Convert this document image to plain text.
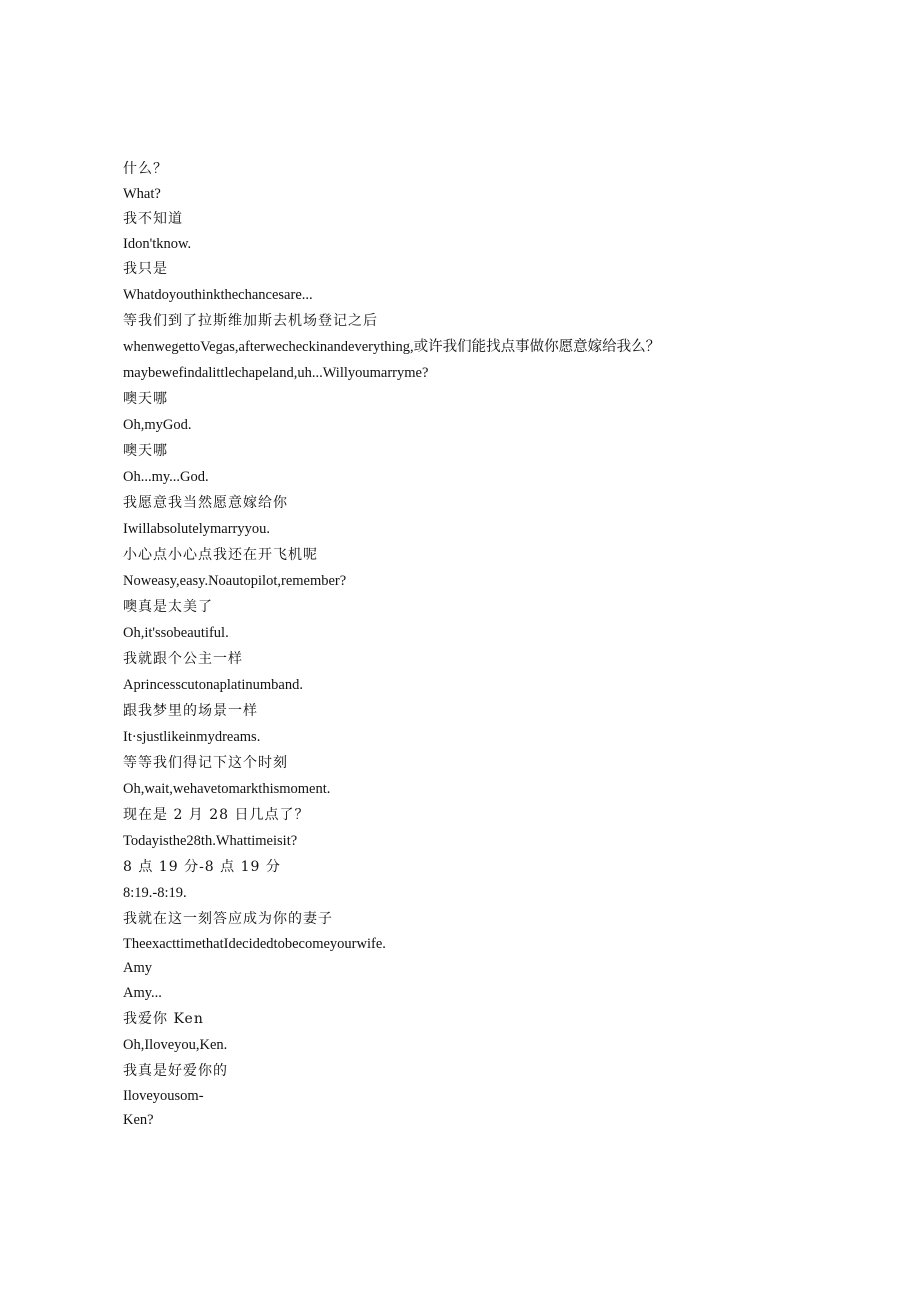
什么？
What?
我不知道
Idon'tknow.
我只是
Whatdoyouthinkthechancesare...
等我们到了拉斯维加斯去机场登记之后
whenwegettoVegas,afterwecheckinandeverything,或许我们能找点事做你愿意嫁给我么？
maybewefindalittlechapeland,uh...Willyoumarryme?
噢天哪
Oh,myGod.
噢天哪
Oh...my...God.
我愿意我当然愿意嫁给你
Iwillabsolutelymarryyou.
小心点小心点我还在开飞机呢
Noweasy,easy.Noautopilot,remember?
噢真是太美了
Oh,it'ssobeautiful.
我就跟个公主一样
Aprincesscutonaplatinumband.
跟我梦里的场景一样
It·sjustlikeinmydreams.
等等我们得记下这个时刻
Oh,wait,wehavetomarkthismoment.
现在是 2 月 28 日几点了？
Todayisthe28th.Whattimeisit?
8 点 19 分-8 点 19 分
8:19.-8:19.
我就在这一刻答应成为你的妻子
TheexacttimethatIdecidedtobecomeyourwife.
Amy
Amy...
我爱你 Ken
Oh,Iloveyou,Ken.
我真是好爱你的
Iloveyousom-
Ken?
